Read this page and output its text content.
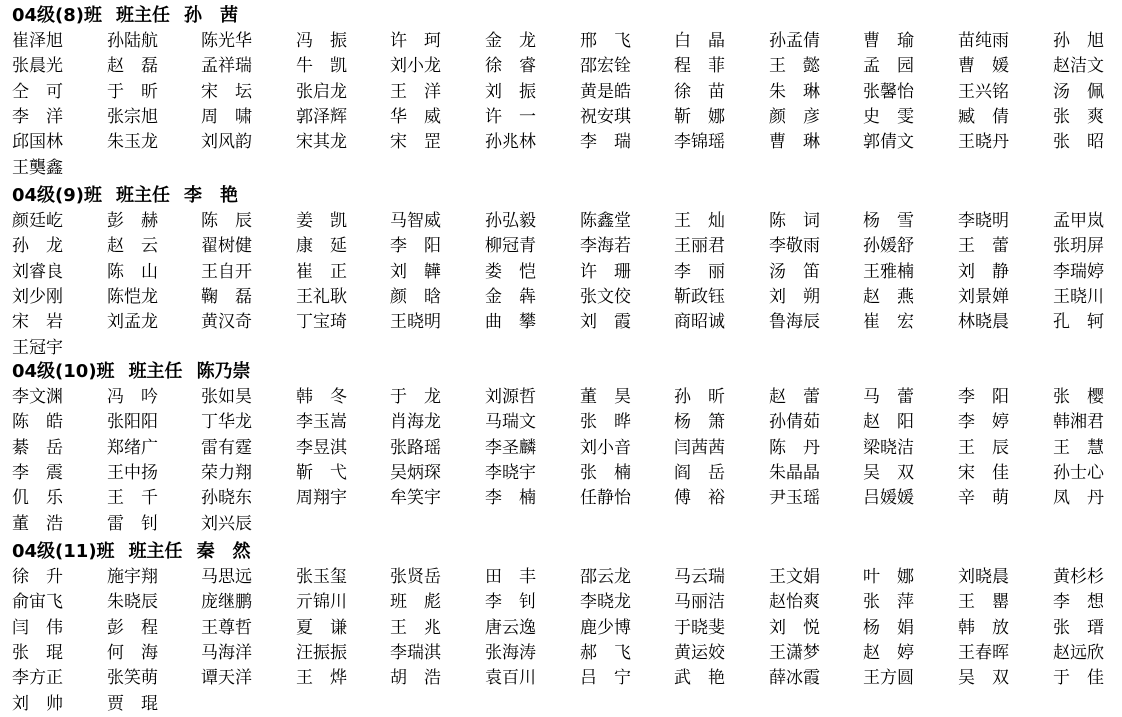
04级(8)班 班主任 孙　茜
崔泽旭	孙陆航	陈光华	冯　振	许　珂	金　龙	邢　飞	白　晶	孙孟倩	曹　瑜	苗纯雨	孙　旭
张晨光	赵　磊	孟祥瑞	牛　凯	刘小龙	徐　睿	邵宏铨	程　菲	王　懿	孟　园	曹　媛	赵洁文
仝　可	于　昕	宋　坛	张启龙	王　洋	刘　振	黄是皓	徐　苗	朱　琳	张馨怡	王兴铭	汤　佩
李　洋	张宗旭	周　啸	郭泽辉	华　威	许　一	祝安琪	靳　娜	颜　彦	史　雯	臧　倩	张　爽
邱国林	朱玉龙	刘风韵	宋其龙	宋　罡	孙兆林	李　瑞	李锦瑶	曹　琳	郭倩文	王晓丹	张　昭
王龑鑫
04级(9)班 班主任 李　艳
颜廷屹	彭　赫	陈　辰	姜　凯	马智威	孙弘毅	陈鑫堂	王　灿	陈　词	杨　雪	李晓明	孟甲岚
孙　龙	赵　云	翟树健	康　延	李　阳	柳冠青	李海若	王丽君	李敬雨	孙媛舒	王　蕾	张玥屏
刘睿良	陈　山	王自开	崔　正	刘　韡	娄　恺	许　珊	李　丽	汤　笛	王雅楠	刘　静	李瑞婷
刘少刚	陈恺龙	鞠　磊	王礼耿	颜　晗	金　犇	张文佼	靳政钰	刘　朔	赵　燕	刘景婵	王晓川
宋　岩	刘孟龙	黄汉奇	丁宝琦	王晓明	曲　攀	刘　霞	商昭诚	鲁海辰	崔　宏	林晓晨	孔　轲
王冠宇
04级(10)班 班主任 陈乃崇
李文渊	冯　吟	张如昊	韩　冬	于　龙	刘源哲	董　昊	孙　昕	赵　蕾	马　蕾	李　阳	张　樱
陈　皓	张阳阳	丁华龙	李玉嵩	肖海龙	马瑞文	张　晔	杨　箫	孙倩茹	赵　阳	李　婷	韩湘君
綦　岳	郑绪广	雷有霆	李昱淇	张路瑶	李圣麟	刘小音	闫茜茜	陈　丹	梁晓洁	王　辰	王　慧
李　震	王中扬	荣力翔	靳　弋	吴炳琛	李晓宇	张　楠	阎　岳	朱晶晶	吴　双	宋　佳	孙士心
仉　乐	王　千	孙晓东	周翔宇	牟笑宇	李　楠	任静怡	傅　裕	尹玉瑶	吕媛媛	辛　萌	凤　丹
董　浩	雷　钊	刘兴辰
04级(11)班 班主任 秦　然
徐　升	施宇翔	马思远	张玉玺	张贤岳	田　丰	邵云龙	马云瑞	王文娟	叶　娜	刘晓晨	黄杉杉
俞宙飞	朱晓辰	庞继鹏	亓锦川	班　彪	李　钊	李晓龙	马丽洁	赵怡爽	张　萍	王　罌	李　想
闫　伟	彭　程	王尊哲	夏　谦	王　兆	唐云逸	鹿少博	于晓斐	刘　悦	杨　娟	韩　放	张　瑨
张　琨	何　海	马海洋	汪振振	李瑞淇	张海涛	郝　飞	黄运姣	王潇梦	赵　婷	王春晖	赵远欣
李方正	张笑萌	谭天洋	王　烨	胡　浩	袁百川	吕　宁	武　艳	薛冰霞	王方圆	吴　双	于　佳
刘　帅	贾　琨
